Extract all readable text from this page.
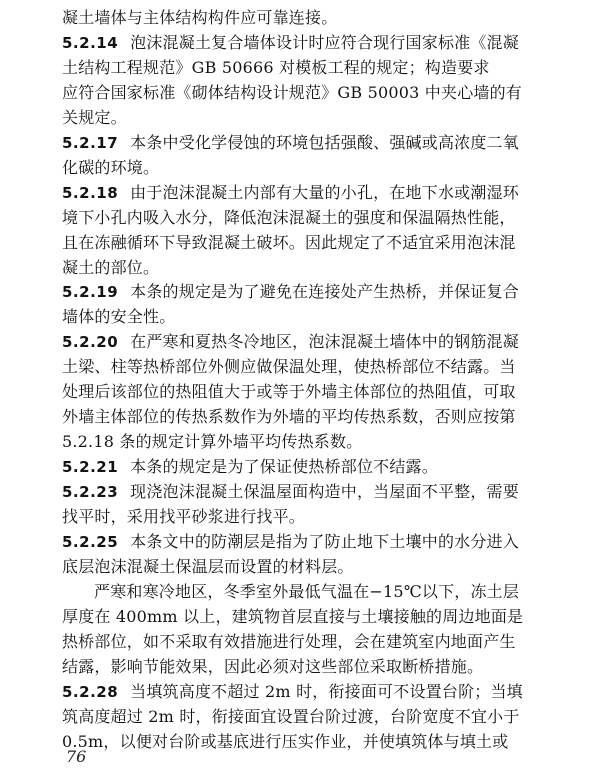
凝土墙体与主体结构构件应可靠连接。
5.2.14 泡沫混凝土复合墙体设计时应符合现行国家标准《混凝
土结构工程规范》GB 50666 对模板工程的规定；构造要求
应符合国家标准《砌体结构设计规范》GB 50003 中夹心墙的有
关规定。
5.2.17 本条中受化学侵蚀的环境包括强酸、强碱或高浓度二氧
化碳的环境。
5.2.18 由于泡沫混凝土内部有大量的小孔，在地下水或潮湿环
境下小孔内吸入水分，降低泡沫混凝土的强度和保温隔热性能，
且在冻融循环下导致混凝土破坏。因此规定了不适宜采用泡沫混
凝土的部位。
5.2.19 本条的规定是为了避免在连接处产生热桥，并保证复合
墙体的安全性。
5.2.20 在严寒和夏热冬冷地区，泡沫混凝土墙体中的钢筋混凝
土梁、柱等热桥部位外侧应做保温处理，使热桥部位不结露。当
处理后该部位的热阻值大于或等于外墙主体部位的热阻值，可取
外墙主体部位的传热系数作为外墙的平均传热系数，否则应按第
5.2.18 条的规定计算外墙平均传热系数。
5.2.21 本条的规定是为了保证使热桥部位不结露。
5.2.23 现浇泡沫混凝土保温屋面构造中，当屋面不平整，需要
找平时，采用找平砂浆进行找平。
5.2.25 本条文中的防潮层是指为了防止地下土壤中的水分进入
底层泡沫混凝土保温层而设置的材料层。
严寒和寒冷地区，冬季室外最低气温在−15℃以下，冻土层
厚度在 400mm 以上，建筑物首层直接与土壤接触的周边地面是
热桥部位，如不采取有效措施进行处理，会在建筑室内地面产生
结露，影响节能效果，因此必须对这些部位采取断桥措施。
5.2.28 当填筑高度不超过 2m 时，衔接面可不设置台阶；当填
筑高度超过 2m 时，衔接面宜设置台阶过渡，台阶宽度不宜小于
0.5m，以便对台阶或基底进行压实作业，并使填筑体与填土或
76
